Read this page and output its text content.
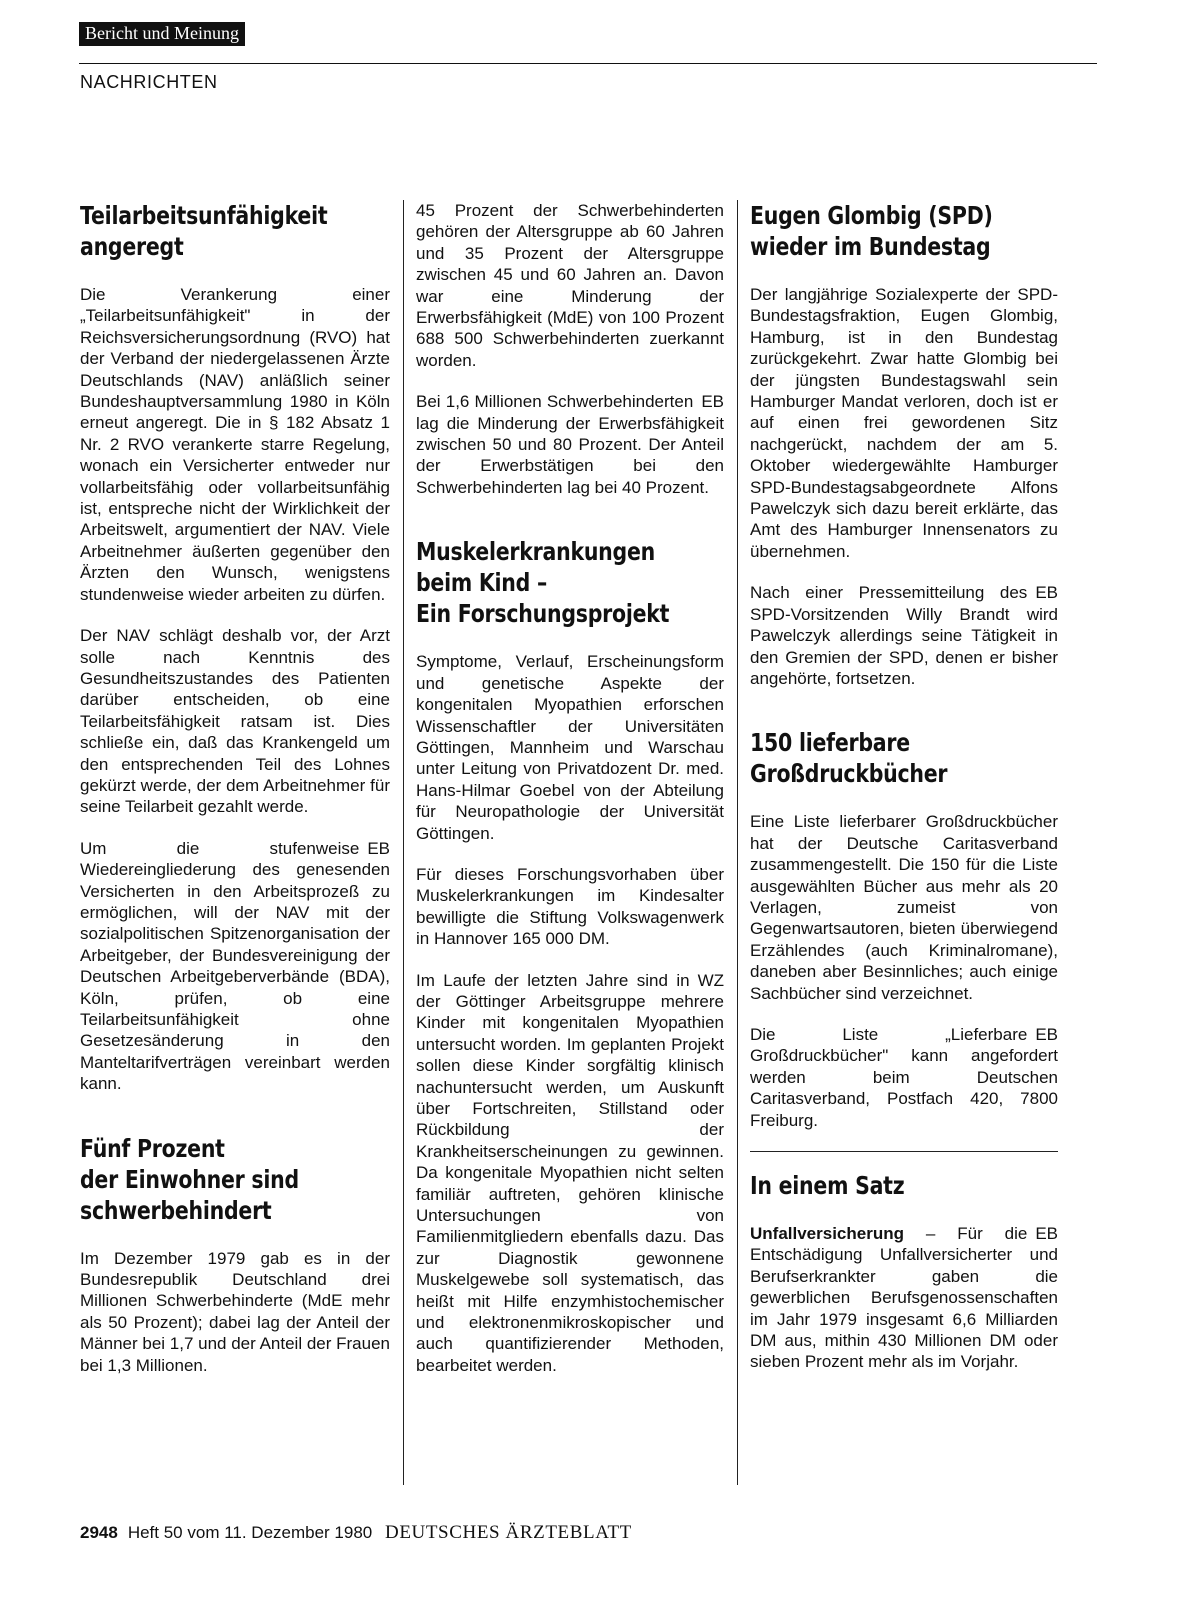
Bericht und Meinung
NACHRICHTEN
Teilarbeitsunfähigkeit
angeregt

Die Verankerung einer „Teilarbeitsunfähigkeit" in der Reichsversicherungsordnung (RVO) hat der Verband der niedergelassenen Ärzte Deutschlands (NAV) anläßlich seiner Bundeshauptversammlung 1980 in Köln erneut angeregt. Die in § 182 Absatz 1 Nr. 2 RVO verankerte starre Regelung, wonach ein Versicherter entweder nur vollarbeitsfähig oder vollarbeitsunfähig ist, entspreche nicht der Wirklichkeit der Arbeitswelt, argumentiert der NAV. Viele Arbeitnehmer äußerten gegenüber den Ärzten den Wunsch, wenigstens stundenweise wieder arbeiten zu dürfen.

Der NAV schlägt deshalb vor, der Arzt solle nach Kenntnis des Gesundheitszustandes des Patienten darüber entscheiden, ob eine Teilarbeitsfähigkeit ratsam ist. Dies schließe ein, daß das Krankengeld um den entsprechenden Teil des Lohnes gekürzt werde, der dem Arbeitnehmer für seine Teilarbeit gezahlt werde.

EB
Um die stufenweise Wiedereingliederung des genesenden Versicherten in den Arbeitsprozeß zu ermöglichen, will der NAV mit der sozialpolitischen Spitzenorganisation der Arbeitgeber, der Bundesvereinigung der Deutschen Arbeitgeberverbände (BDA), Köln, prüfen, ob eine Teilarbeitsunfähigkeit ohne Gesetzesänderung in den Manteltarifverträgen vereinbart werden kann.

Fünf Prozent
der Einwohner sind
schwerbehindert

Im Dezember 1979 gab es in der Bundesrepublik Deutschland drei Millionen Schwerbehinderte (MdE mehr als 50 Prozent); dabei lag der Anteil der Männer bei 1,7 und der Anteil der Frauen bei 1,3 Millionen.

45 Prozent der Schwerbehinderten gehören der Altersgruppe ab 60 Jahren und 35 Prozent der Altersgruppe zwischen 45 und 60 Jahren an. Davon war eine Minderung der Erwerbsfähigkeit (MdE) von 100 Prozent 688 500 Schwerbehinderten zuerkannt worden.

EB
Bei 1,6 Millionen Schwerbehinderten lag die Minderung der Erwerbsfähigkeit zwischen 50 und 80 Prozent. Der Anteil der Erwerbstätigen bei den Schwerbehinderten lag bei 40 Prozent.

Muskelerkrankungen
beim Kind –
Ein Forschungsprojekt

Symptome, Verlauf, Erscheinungsform und genetische Aspekte der kongenitalen Myopathien erforschen Wissenschaftler der Universitäten Göttingen, Mannheim und Warschau unter Leitung von Privatdozent Dr. med. Hans-Hilmar Goebel von der Abteilung für Neuropathologie der Universität Göttingen.

Für dieses Forschungsvorhaben über Muskelerkrankungen im Kindesalter bewilligte die Stiftung Volkswagenwerk in Hannover 165 000 DM.

WZ
Im Laufe der letzten Jahre sind in der Göttinger Arbeitsgruppe mehrere Kinder mit kongenitalen Myopathien untersucht worden. Im geplanten Projekt sollen diese Kinder sorgfältig klinisch nachuntersucht werden, um Auskunft über Fortschreiten, Stillstand oder Rückbildung der Krankheitserscheinungen zu gewinnen. Da kongenitale Myopathien nicht selten familiär auftreten, gehören klinische Untersuchungen von Familienmitgliedern ebenfalls dazu. Das zur Diagnostik gewonnene Muskelgewebe soll systematisch, das heißt mit Hilfe enzymhistochemischer und elektronenmikroskopischer und auch quantifizierender Methoden, bearbeitet werden.

Eugen Glombig (SPD)
wieder im Bundestag

Der langjährige Sozialexperte der SPD-Bundestagsfraktion, Eugen Glombig, Hamburg, ist in den Bundestag zurückgekehrt. Zwar hatte Glombig bei der jüngsten Bundestagswahl sein Hamburger Mandat verloren, doch ist er auf einen frei gewordenen Sitz nachgerückt, nachdem der am 5. Oktober wiedergewählte Hamburger SPD-Bundestagsabgeordnete Alfons Pawelczyk sich dazu bereit erklärte, das Amt des Hamburger Innensenators zu übernehmen.

EB
Nach einer Pressemitteilung des SPD-Vorsitzenden Willy Brandt wird Pawelczyk allerdings seine Tätigkeit in den Gremien der SPD, denen er bisher angehörte, fortsetzen.

150 lieferbare
Großdruckbücher

Eine Liste lieferbarer Großdruckbücher hat der Deutsche Caritasverband zusammengestellt. Die 150 für die Liste ausgewählten Bücher aus mehr als 20 Verlagen, zumeist von Gegenwartsautoren, bieten überwiegend Erzählendes (auch Kriminalromane), daneben aber Besinnliches; auch einige Sachbücher sind verzeichnet.

EB
Die Liste „Lieferbare Großdruckbücher" kann angefordert werden beim Deutschen Caritasverband, Postfach 420, 7800 Freiburg.

In einem Satz

EB
Unfallversicherung – Für die Entschädigung Unfallversicherter und Berufserkrankter gaben die gewerblichen Berufsgenossenschaften im Jahr 1979 insgesamt 6,6 Milliarden DM aus, mithin 430 Millionen DM oder sieben Prozent mehr als im Vorjahr.

2948 Heft 50 vom 11. Dezember 1980 DEUTSCHES ÄRZTEBLATT
